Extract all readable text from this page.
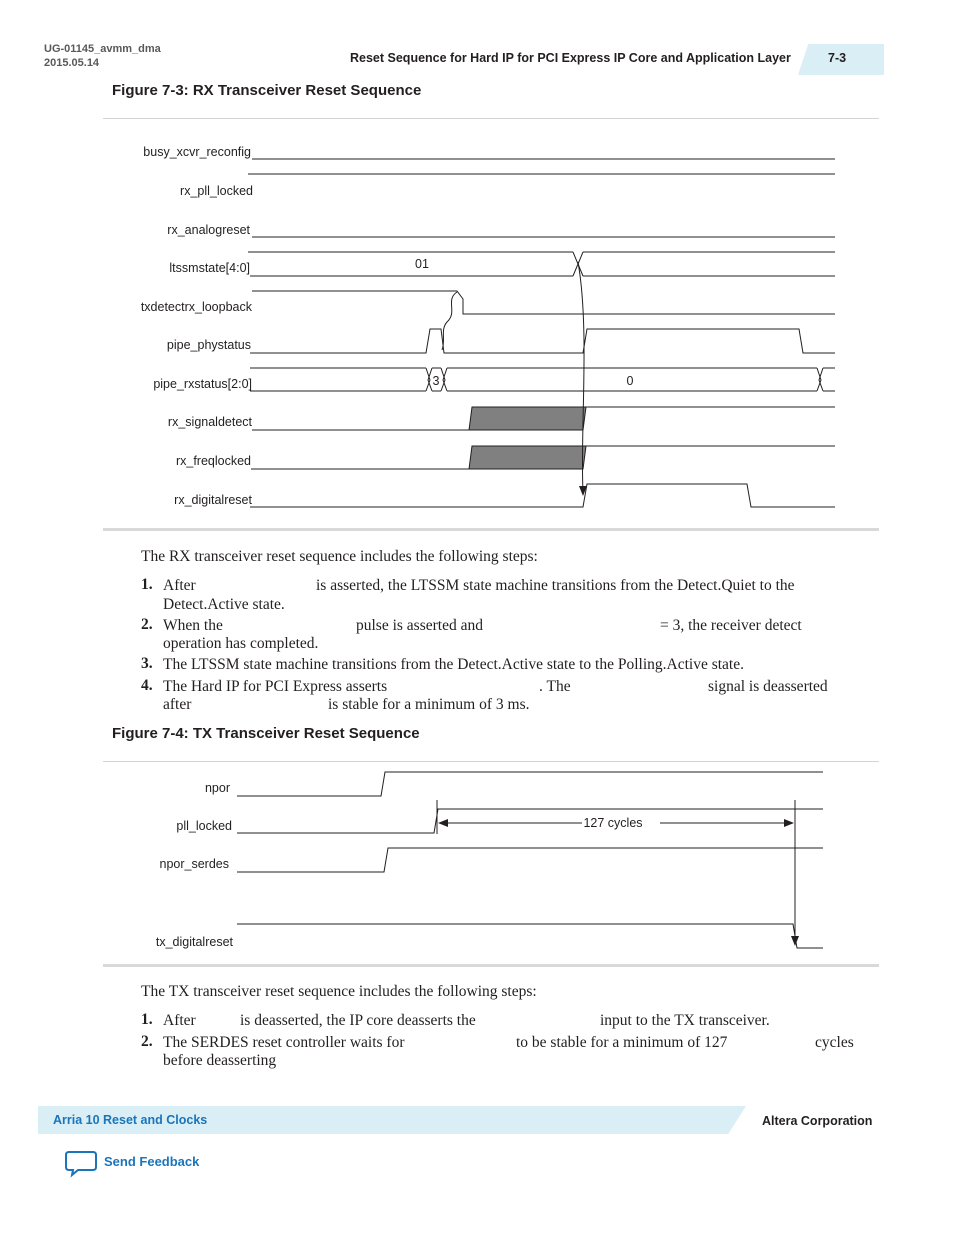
UG-01145_avmm_dma
2015.05.14	Reset Sequence for Hard IP for PCI Express IP Core and Application Layer	7-3
Figure 7-3: RX Transceiver Reset Sequence
busy_xcvr_reconfig
rx_pll_locked
rx_analogreset
ltssmstate[4:0]
txdetectrx_loopback
pipe_phystatus
pipe_rxstatus[2:0]
rx_signaldetect
rx_freqlocked
rx_digitalreset
01
3	0
The RX transceiver reset sequence includes the following steps:
1. After	is asserted, the LTSSM state machine transitions from the Detect.Quiet to the
Detect.Active state.
2. When the	pulse is asserted and	= 3, the receiver detect
operation has completed.
3. The LTSSM state machine transitions from the Detect.Active state to the Polling.Active state.
4. The Hard IP for PCI Express asserts	. The	signal is deasserted
after	is stable for a minimum of 3 ms.
Figure 7-4: TX Transceiver Reset Sequence
npor
pll_locked
npor_serdes
tx_digitalreset
127 cycles
The TX transceiver reset sequence includes the following steps:
1. After	is deasserted, the IP core deasserts the	input to the TX transceiver.
2. The SERDES reset controller waits for	to be stable for a minimum of 127	cycles
before deasserting
Arria 10 Reset and Clocks	Altera Corporation
Send Feedback
